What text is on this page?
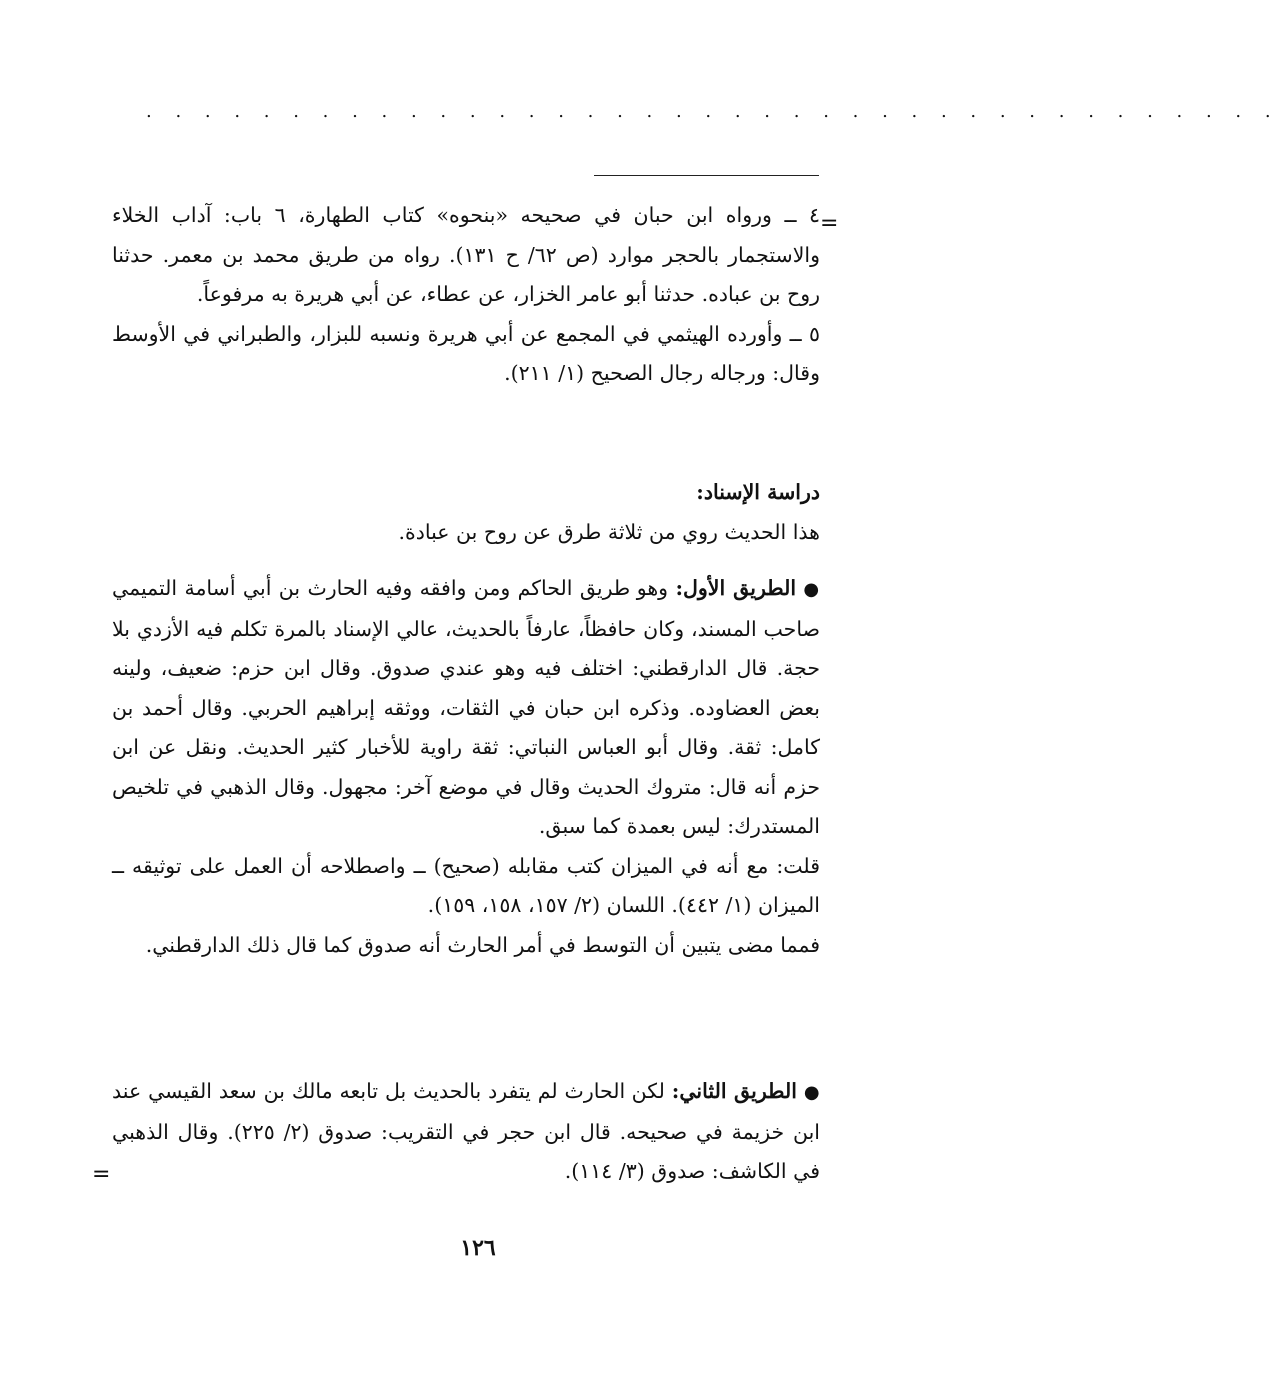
. . . . . . . . . . . . . . . . . . . . . . . . . . . . . . . . . . . . . . .
=

٤ ــ ورواه ابن حبان في صحيحه «بنحوه» كتاب الطهارة، ٦ باب: آداب الخلاء والاستجمار بالحجر موارد (ص ٦٢/ ح ١٣١). رواه من طريق محمد بن معمر. حدثنا روح بن عباده. حدثنا أبو عامر الخزار، عن عطاء، عن أبي هريرة به مرفوعاً.

٥ ــ وأورده الهيثمي في المجمع عن أبي هريرة ونسبه للبزار، والطبراني في الأوسط وقال: ورجاله رجال الصحيح (١/ ٢١١).

دراسة الإسناد:

هذا الحديث روي من ثلاثة طرق عن روح بن عبادة.

● الطريق الأول: وهو طريق الحاكم ومن وافقه وفيه الحارث بن أبي أسامة التميمي صاحب المسند، وكان حافظاً، عارفاً بالحديث، عالي الإسناد بالمرة تكلم فيه الأزدي بلا حجة. قال الدارقطني: اختلف فيه وهو عندي صدوق. وقال ابن حزم: ضعيف، ولينه بعض العضاوده. وذكره ابن حبان في الثقات، ووثقه إبراهيم الحربي. وقال أحمد بن كامل: ثقة. وقال أبو العباس النباتي: ثقة راوية للأخبار كثير الحديث. ونقل عن ابن حزم أنه قال: متروك الحديث وقال في موضع آخر: مجهول. وقال الذهبي في تلخيص المستدرك: ليس بعمدة كما سبق.

قلت: مع أنه في الميزان كتب مقابله (صحيح) ــ واصطلاحه أن العمل على توثيقه ــ الميزان (١/ ٤٤٢). اللسان (٢/ ١٥٧، ١٥٨، ١٥٩).

فمما مضى يتبين أن التوسط في أمر الحارث أنه صدوق كما قال ذلك الدارقطني.

● الطريق الثاني: لكن الحارث لم يتفرد بالحديث بل تابعه مالك بن سعد القيسي عند ابن خزيمة في صحيحه. قال ابن حجر في التقريب: صدوق (٢/ ٢٢٥). وقال الذهبي في الكاشف: صدوق (٣/ ١١٤).

=
١٢٦
